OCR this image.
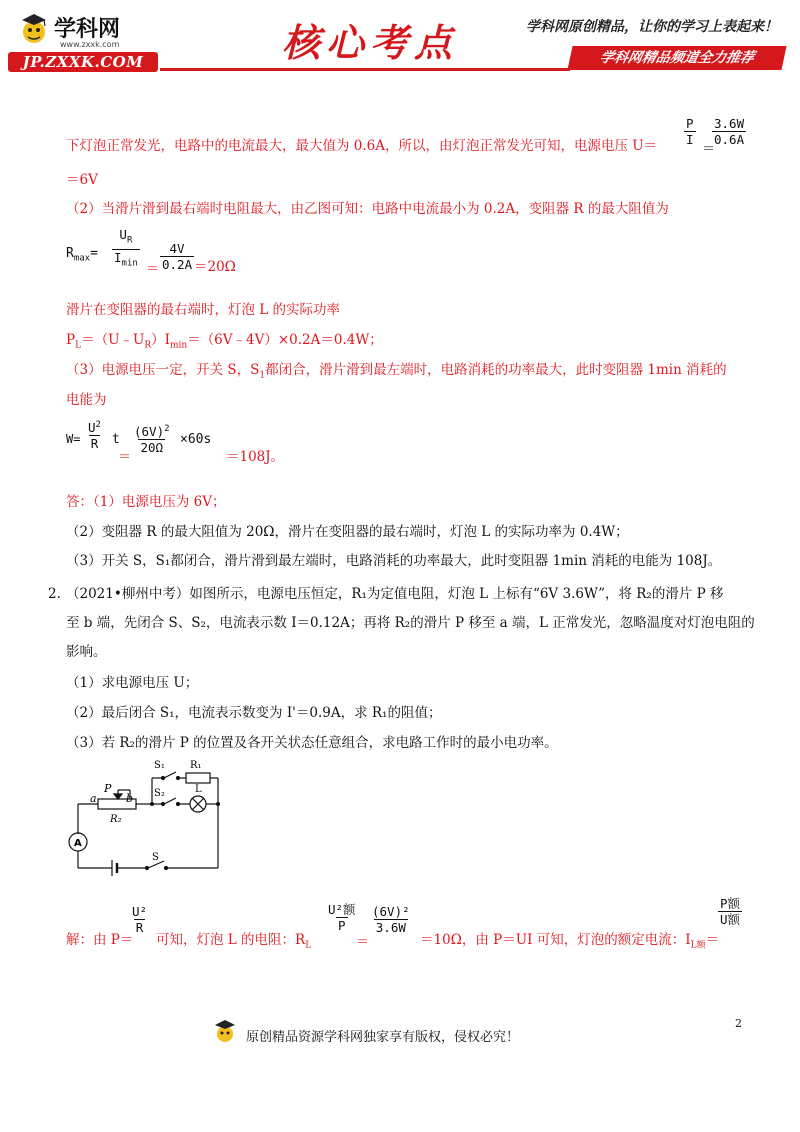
学科网
www.zxxk.com
JP.ZXXK.COM	核心考点	学科网原创精品，让你的学习上表起来！
学科网精品频道全力推荐
下灯泡正常发光，电路中的电流最大，最大值为 0.6A，所以，由灯泡正常发光可知，电源电压 $U= \frac{P}{I}$
＝
$\frac{3.6W}{0.6A}$
＝6V
（2）当滑片滑到最右端时电阻最大，由乙图可知：电路中电流最小为 0.2A，变阻器 R 的最大阻值为
$R_{max}=$
$U_R$
$I_{min} = \frac{4V}{0.2A} =20\Omega$
滑片在变阻器的最右端时，灯泡 L 的实际功率
$P_L=(U﹣U_R)I_{min}=(6V﹣4V)\times 0.2A=0.4W$；
（3）电源电压一定，开关 S，$S_1$都闭合，滑片滑到最左端时，电路消耗的功率最大，此时变阻器 1min 消耗的
电能为
$W= \frac{U^2}{R}$ t
＝
$\frac{(6V)^2}{20\Omega} \times 60s$
＝108J。
答：（1）电源电压为 6V；
（2）变阻器 R 的最大阻值为 20Ω，滑片在变阻器的最右端时，灯泡 L 的实际功率为 0.4W；
（3）开关 S，S₁都闭合，滑片滑到最左端时，电路消耗的功率最大，此时变阻器 1min 消耗的电能为 108J。
2. （2021•柳州中考）如图所示，电源电压恒定，R₁为定值电阻，灯泡 L 上标有“6V 3.6W”，将 R₂的滑片 P 移
至 b 端，先闭合 S、S₂，电流表示数 I＝0.12A；再将 R₂的滑片 P 移至 a 端，L 正常发光，忽略温度对灯泡电阻的
影响。
（1）求电源电压 U；
（2）最后闭合 S₁，电流表示数变为 I'＝0.9A，求 R₁的阻值；
（3）若 R₂的滑片 P 的位置及各开关状态任意组合，求电路工作时的最小电功率。
S₁	R₁
S₂	L
a
P
b
R₂
A
S
解：由 P＝
$\frac{\text{U²}}{R}$
可知，灯泡 L 的电阻：$R_L$
U²额
P
＝
$\frac{\text{(6V)²}}{3.6W}$
＝10Ω，由 P＝UI 可知，灯泡的额定电流：$I_{L额}=$
P额
U额
原创精品资源学科网独家享有版权，侵权必究！
2
